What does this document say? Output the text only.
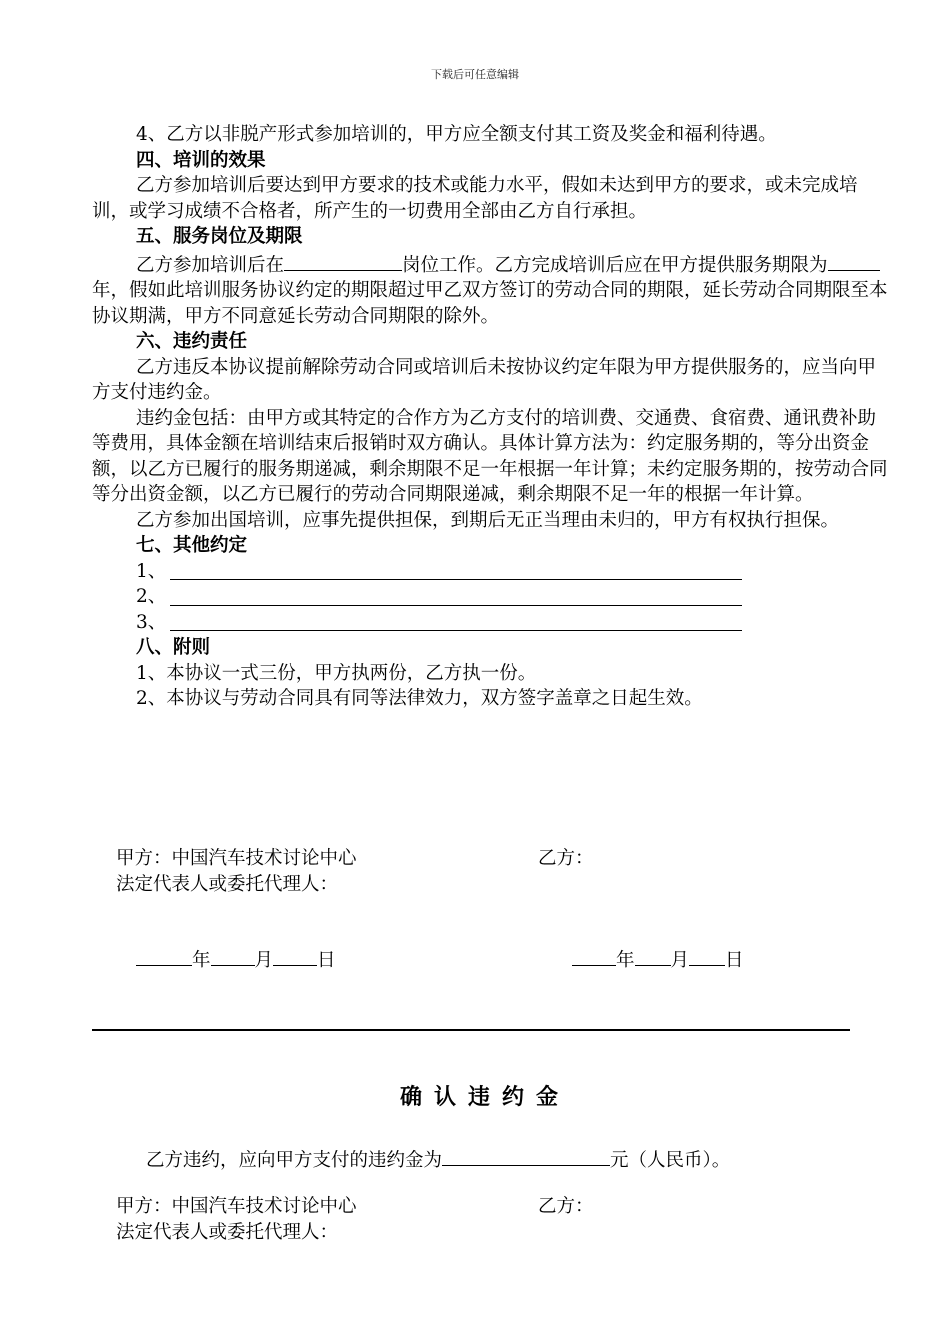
下载后可任意编辑

4、乙方以非脱产形式参加培训的，甲方应全额支付其工资及奖金和福利待遇。

四、培训的效果

乙方参加培训后要达到甲方要求的技术或能力水平，假如未达到甲方的要求，或未完成培训，或学习成绩不合格者，所产生的一切费用全部由乙方自行承担。

五、服务岗位及期限

乙方参加培训后在	岗位工作。乙方完成培训后应在甲方提供服务期限为年，假如此培训服务协议约定的期限超过甲乙双方签订的劳动合同的期限，延长劳动合同期限至本协议期满，甲方不同意延长劳动合同期限的除外。

六、违约责任

乙方违反本协议提前解除劳动合同或培训后未按协议约定年限为甲方提供服务的，应当向甲方支付违约金。

违约金包括：由甲方或其特定的合作方为乙方支付的培训费、交通费、食宿费、通讯费补助等费用，具体金额在培训结束后报销时双方确认。具体计算方法为：约定服务期的，等分出资金额，以乙方已履行的服务期递减，剩余期限不足一年根据一年计算；未约定服务期的，按劳动合同等分出资金额，以乙方已履行的劳动合同期限递减，剩余期限不足一年的根据一年计算。

乙方参加出国培训，应事先提供担保，到期后无正当理由未归的，甲方有权执行担保。

七、其他约定

1、
2、
3、

八、附则

1、本协议一式三份，甲方执两份，乙方执一份。

2、本协议与劳动合同具有同等法律效力，双方签字盖章之日起生效。

甲方：中国汽车技术讨论中心	乙方：
法定代表人或委托代理人：
年 月 日	年 月 日
确认违约金
乙方违约，应向甲方支付的违约金为	元（人民币）。
甲方：中国汽车技术讨论中心	乙方：
法定代表人或委托代理人：
